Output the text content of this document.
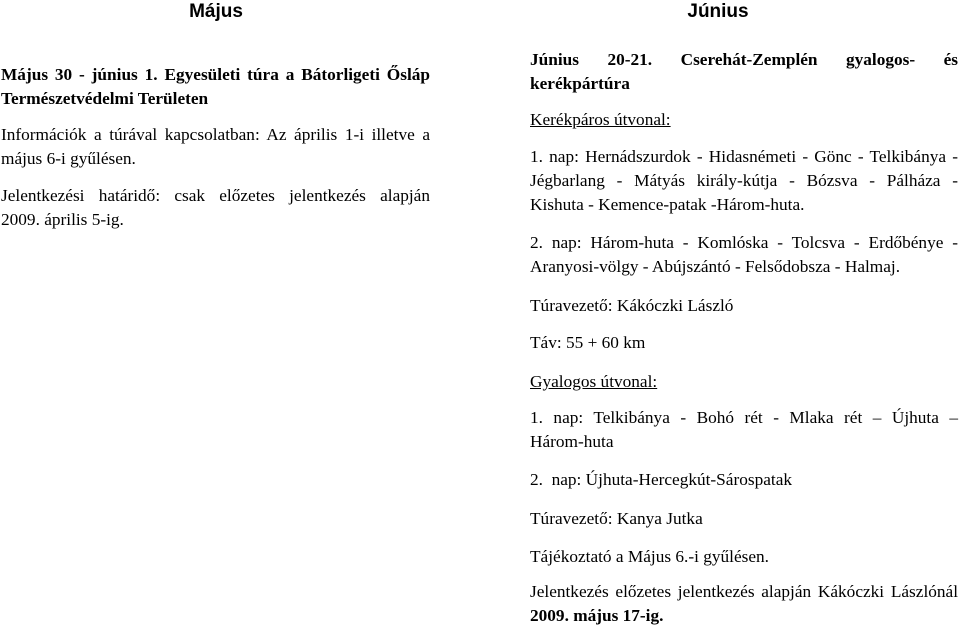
Május	Június
Május 30 - június 1. Egyesületi túra a Bátorligeti Ősláp
Természetvédelmi Területen
Információk a túrával kapcsolatban: Az április 1-i illetve a
május 6-i gyűlésen.
Jelentkezési határidő: csak előzetes jelentkezés alapján
2009. április 5-ig.
Június 20-21. Cserehát-Zemplén gyalogos- és
kerékpártúra
Kerékpáros útvonal:
1. nap: Hernádszurdok - Hidasnémeti - Gönc - Telkibánya -
Jégbarlang - Mátyás király-kútja - Bózsva - Pálháza -
Kishuta - Kemence-patak -Három-huta.
2. nap: Három-huta - Komlóska - Tolcsva - Erdőbénye -
Aranyosi-völgy - Abújszántó - Felsődobsza - Halmaj.
Túravezető: Kákóczki László
Táv: 55 + 60 km
Gyalogos útvonal:
1. nap: Telkibánya - Bohó rét - Mlaka rét – Újhuta –
Három-huta
2.  nap: Újhuta-Hercegkút-Sárospatak
Túravezető: Kanya Jutka
Tájékoztató a Május 6.-i gyűlésen.
Jelentkezés előzetes jelentkezés alapján Kákóczki Lászlónál
2009. május 17-ig.
